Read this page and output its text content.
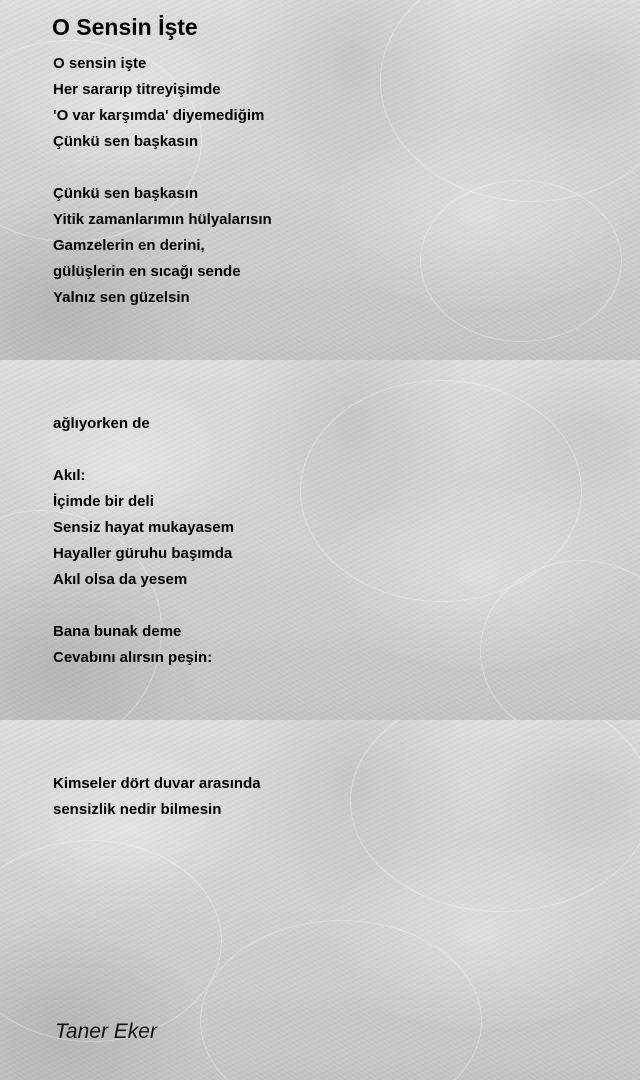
O Sensin İşte
O sensin işte
Her sararıp titreyişimde
'O var karşımda' diyemediğim
Çünkü sen başkasın
Çünkü sen başkasın
Yitik zamanlarımın hülyalarısın
Gamzelerin en derini,
gülüşlerin en sıcağı sende
Yalnız sen güzelsin
ağlıyorken de
Akıl:
İçimde bir deli
Sensiz hayat mukayasem
Hayaller güruhu başımda
Akıl olsa da yesem
Bana bunak deme
Cevabını alırsın peşin:
Kimseler dört duvar arasında
sensizlik nedir bilmesin
Taner Eker
